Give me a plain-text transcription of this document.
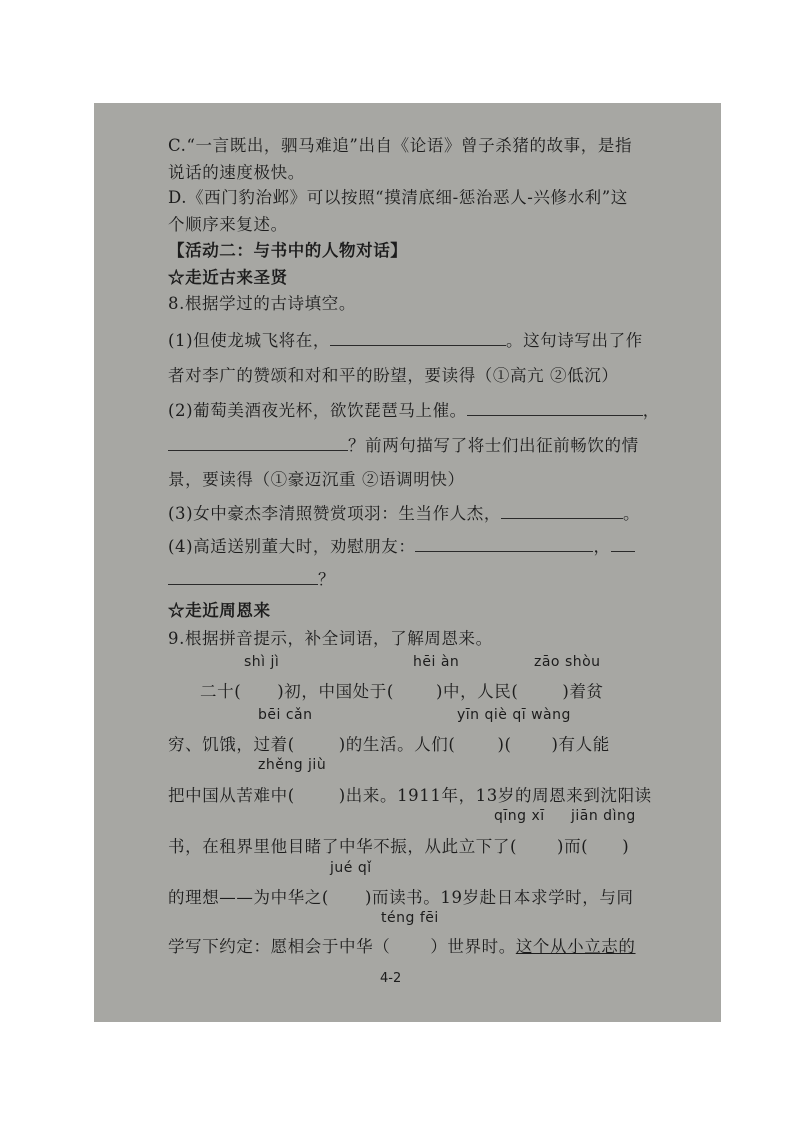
C.“一言既出，驷马难追”出自《论语》曾子杀猪的故事，是指
说话的速度极快。
D.《西门豹治邺》可以按照“摸清底细-惩治恶人-兴修水利”这
个顺序来复述。
【活动二：与书中的人物对话】
☆走近古来圣贤
8.根据学过的古诗填空。
(1)但使龙城飞将在，	。这句诗写出了作
者对李广的赞颂和对和平的盼望，要读得（①高亢 ②低沉）
(2)葡萄美酒夜光杯，欲饮琵琶马上催。	，
？前两句描写了将士们出征前畅饮的情
景，要读得（①豪迈沉重 ②语调明快）
(3)女中豪杰李清照赞赏项羽：生当作人杰，	。
(4)高适送别董大时，劝慰朋友：	，
？
☆走近周恩来
9.根据拼音提示，补全词语，了解周恩来。
shì jì	hēi àn	zāo shòu
二十( )初，中国处于(	)中，人民(	)着贫
bēi cǎn	yīn qiè qī wàng
穷、饥饿，过着(	)的生活。人们(	)( )有人能
zhěng jiù
把中国从苦难中(	)出来。1911年，13岁的周恩来到沈阳读
qīng xī jiān dìng
书，在租界里他目睹了中华不振，从此立下了( )而( )
jué qǐ
的理想——为中华之( )而读书。19岁赴日本求学时，与同
téng fēi
学写下约定：愿相会于中华（ ）世界时。这个从小立志的
4-2
